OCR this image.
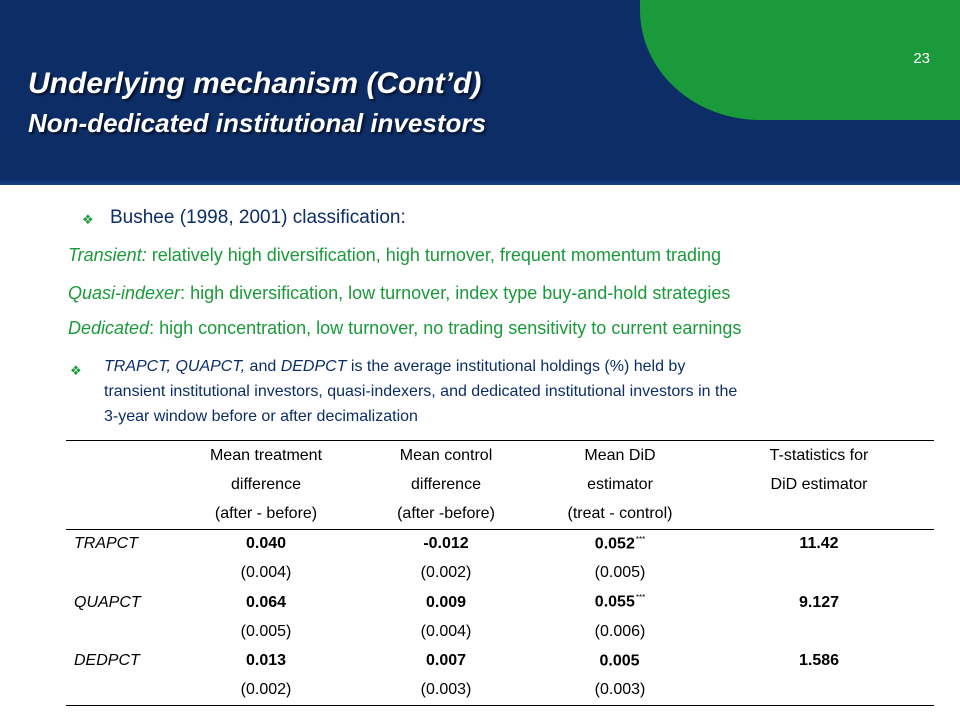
23
Underlying mechanism (Cont’d)
Non-dedicated institutional investors
❖ Bushee (1998, 2001) classification:
Transient: relatively high diversification, high turnover, frequent momentum trading
Quasi-indexer: high diversification, low turnover, index type buy-and-hold strategies
Dedicated: high concentration, low turnover, no trading sensitivity to current earnings
❖ TRAPCT, QUAPCT, and DEDPCT is the average institutional holdings (%) held by
transient institutional investors, quasi-indexers, and dedicated institutional investors in the
3-year window before or after decimalization
	Mean treatment	Mean control	Mean DiD	T-statistics for
	difference	difference	estimator	DiD estimator
	(after - before)	(after -before)	(treat - control)	
TRAPCT	0.040	-0.012	0.052***	11.42
	(0.004)	(0.002)	(0.005)	
QUAPCT	0.064	0.009	0.055***	9.127
	(0.005)	(0.004)	(0.006)	
DEDPCT	0.013	0.007	0.005	1.586
	(0.002)	(0.003)	(0.003)	
